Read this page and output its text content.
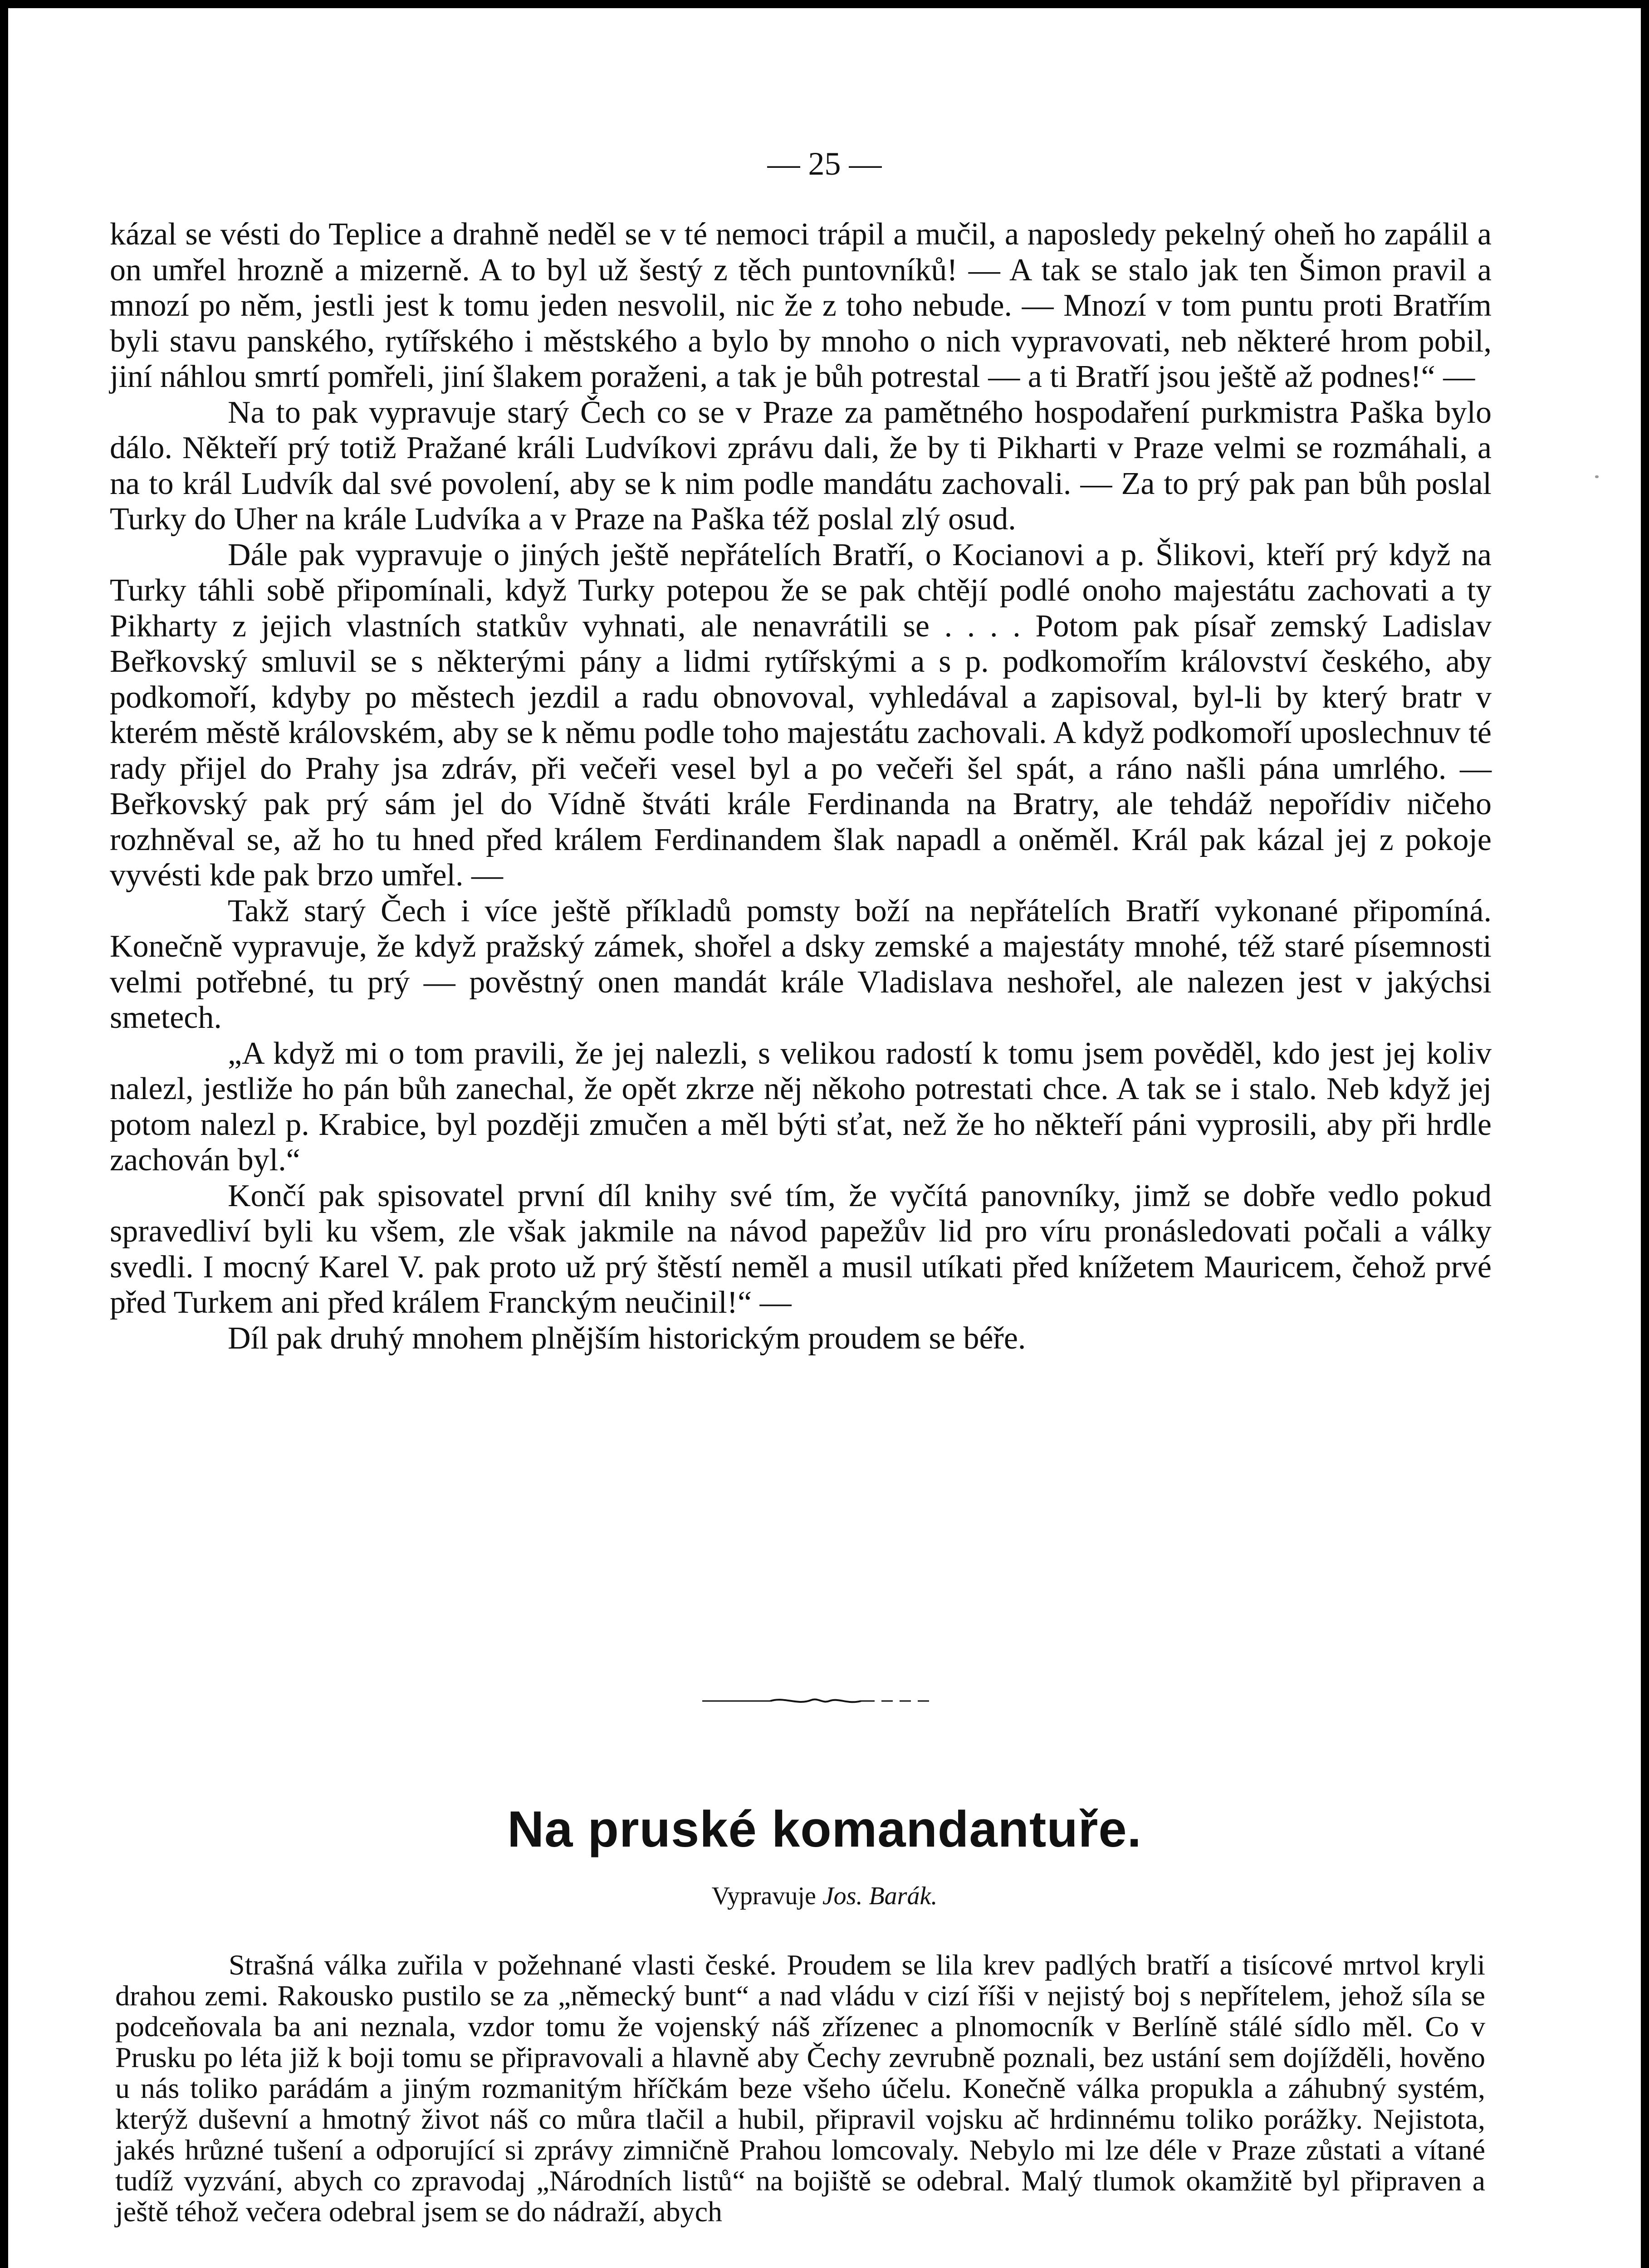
— 25 —

kázal se vésti do Teplice a drahně neděl se v té nemoci trápil a mučil, a naposledy pekelný oheň ho zapálil a on umřel hrozně a mizerně. A to byl už šestý z těch puntovníků! — A tak se stalo jak ten Šimon pravil a mnozí po něm, jestli jest k tomu jeden nesvolil, nic že z toho nebude. — Mnozí v tom puntu proti Bratřím byli stavu panského, rytířského i městského a bylo by mnoho o nich vypravovati, neb některé hrom pobil, jiní náhlou smrtí pomřeli, jiní šlakem poraženi, a tak je bůh potrestal — a ti Bratří jsou ještě až podnes!“ —

Na to pak vypravuje starý Čech co se v Praze za pamětného hospodaření purkmistra Paška bylo dálo. Někteří prý totiž Pražané králi Ludvíkovi zprávu dali, že by ti Pikharti v Praze velmi se rozmáhali, a na to král Ludvík dal své povolení, aby se k nim podle mandátu zachovali. — Za to prý pak pan bůh poslal Turky do Uher na krále Ludvíka a v Praze na Paška též poslal zlý osud.

Dále pak vypravuje o jiných ještě nepřátelích Bratří, o Kocianovi a p. Šlikovi, kteří prý když na Turky táhli sobě připomínali, když Turky potepou že se pak chtějí podlé onoho majestátu zachovati a ty Pikharty z jejich vlastních statkův vyhnati, ale nenavrátili se . . . . Potom pak písař zemský Ladislav Beřkovský smluvil se s některými pány a lidmi rytířskými a s p. podkomořím království českého, aby podkomoří, kdyby po městech jezdil a radu obnovoval, vyhledával a zapisoval, byl-li by který bratr v kterém městě královském, aby se k němu podle toho majestátu zachovali. A když podkomoří uposlechnuv té rady přijel do Prahy jsa zdráv, při večeři vesel byl a po večeři šel spát, a ráno našli pána umrlého. — Beřkovský pak prý sám jel do Vídně štváti krále Ferdinanda na Bratry, ale tehdáž nepořídiv ničeho rozhněval se, až ho tu hned před králem Ferdinandem šlak napadl a oněměl. Král pak kázal jej z pokoje vyvésti kde pak brzo umřel. —

Takž starý Čech i více ještě příkladů pomsty boží na nepřátelích Bratří vykonané připomíná. Konečně vypravuje, že když pražský zámek, shořel a dsky zemské a majestáty mnohé, též staré písemnosti velmi potřebné, tu prý — pověstný onen mandát krále Vladislava neshořel, ale nalezen jest v jakýchsi smetech.

„A když mi o tom pravili, že jej nalezli, s velikou radostí k tomu jsem pověděl, kdo jest jej koliv nalezl, jestliže ho pán bůh zanechal, že opět zkrze něj někoho potrestati chce. A tak se i stalo. Neb když jej potom nalezl p. Krabice, byl později zmučen a měl býti sťat, než že ho někteří páni vyprosili, aby při hrdle zachován byl.“

Končí pak spisovatel první díl knihy své tím, že vyčítá panovníky, jimž se dobře vedlo pokud spravedliví byli ku všem, zle však jakmile na návod papežův lid pro víru pronásledovati počali a války svedli. I mocný Karel V. pak proto už prý štěstí neměl a musil utíkati před knížetem Mauricem, čehož prvé před Turkem ani před králem Franckým neučinil!“ —

Díl pak druhý mnohem plnějším historickým proudem se béře.

Na pruské komandantuře.
Vypravuje Jos. Barák.

Strašná válka zuřila v požehnané vlasti české. Proudem se lila krev padlých bratří a tisícové mrtvol kryli drahou zemi. Rakousko pustilo se za „německý bunt“ a nad vládu v cizí říši v nejistý boj s nepřítelem, jehož síla se podceňovala ba ani neznala, vzdor tomu že vojenský náš zřízenec a plnomocník v Berlíně stálé sídlo měl. Co v Prusku po léta již k boji tomu se připravovali a hlavně aby Čechy zevrubně poznali, bez ustání sem dojížděli, hověno u nás toliko parádám a jiným rozmanitým hříčkám beze všeho účelu. Konečně válka propukla a záhubný systém, kterýž duševní a hmotný život náš co můra tlačil a hubil, připravil vojsku ač hrdinnému toliko porážky. Nejistota, jakés hrůzné tušení a odporující si zprávy zimničně Prahou lomcovaly. Nebylo mi lze déle v Praze zůstati a vítané tudíž vyzvání, abych co zpravodaj „Národních listů“ na bojiště se odebral. Malý tlumok okamžitě byl připraven a ještě téhož večera odebral jsem se do nádraží, abych
